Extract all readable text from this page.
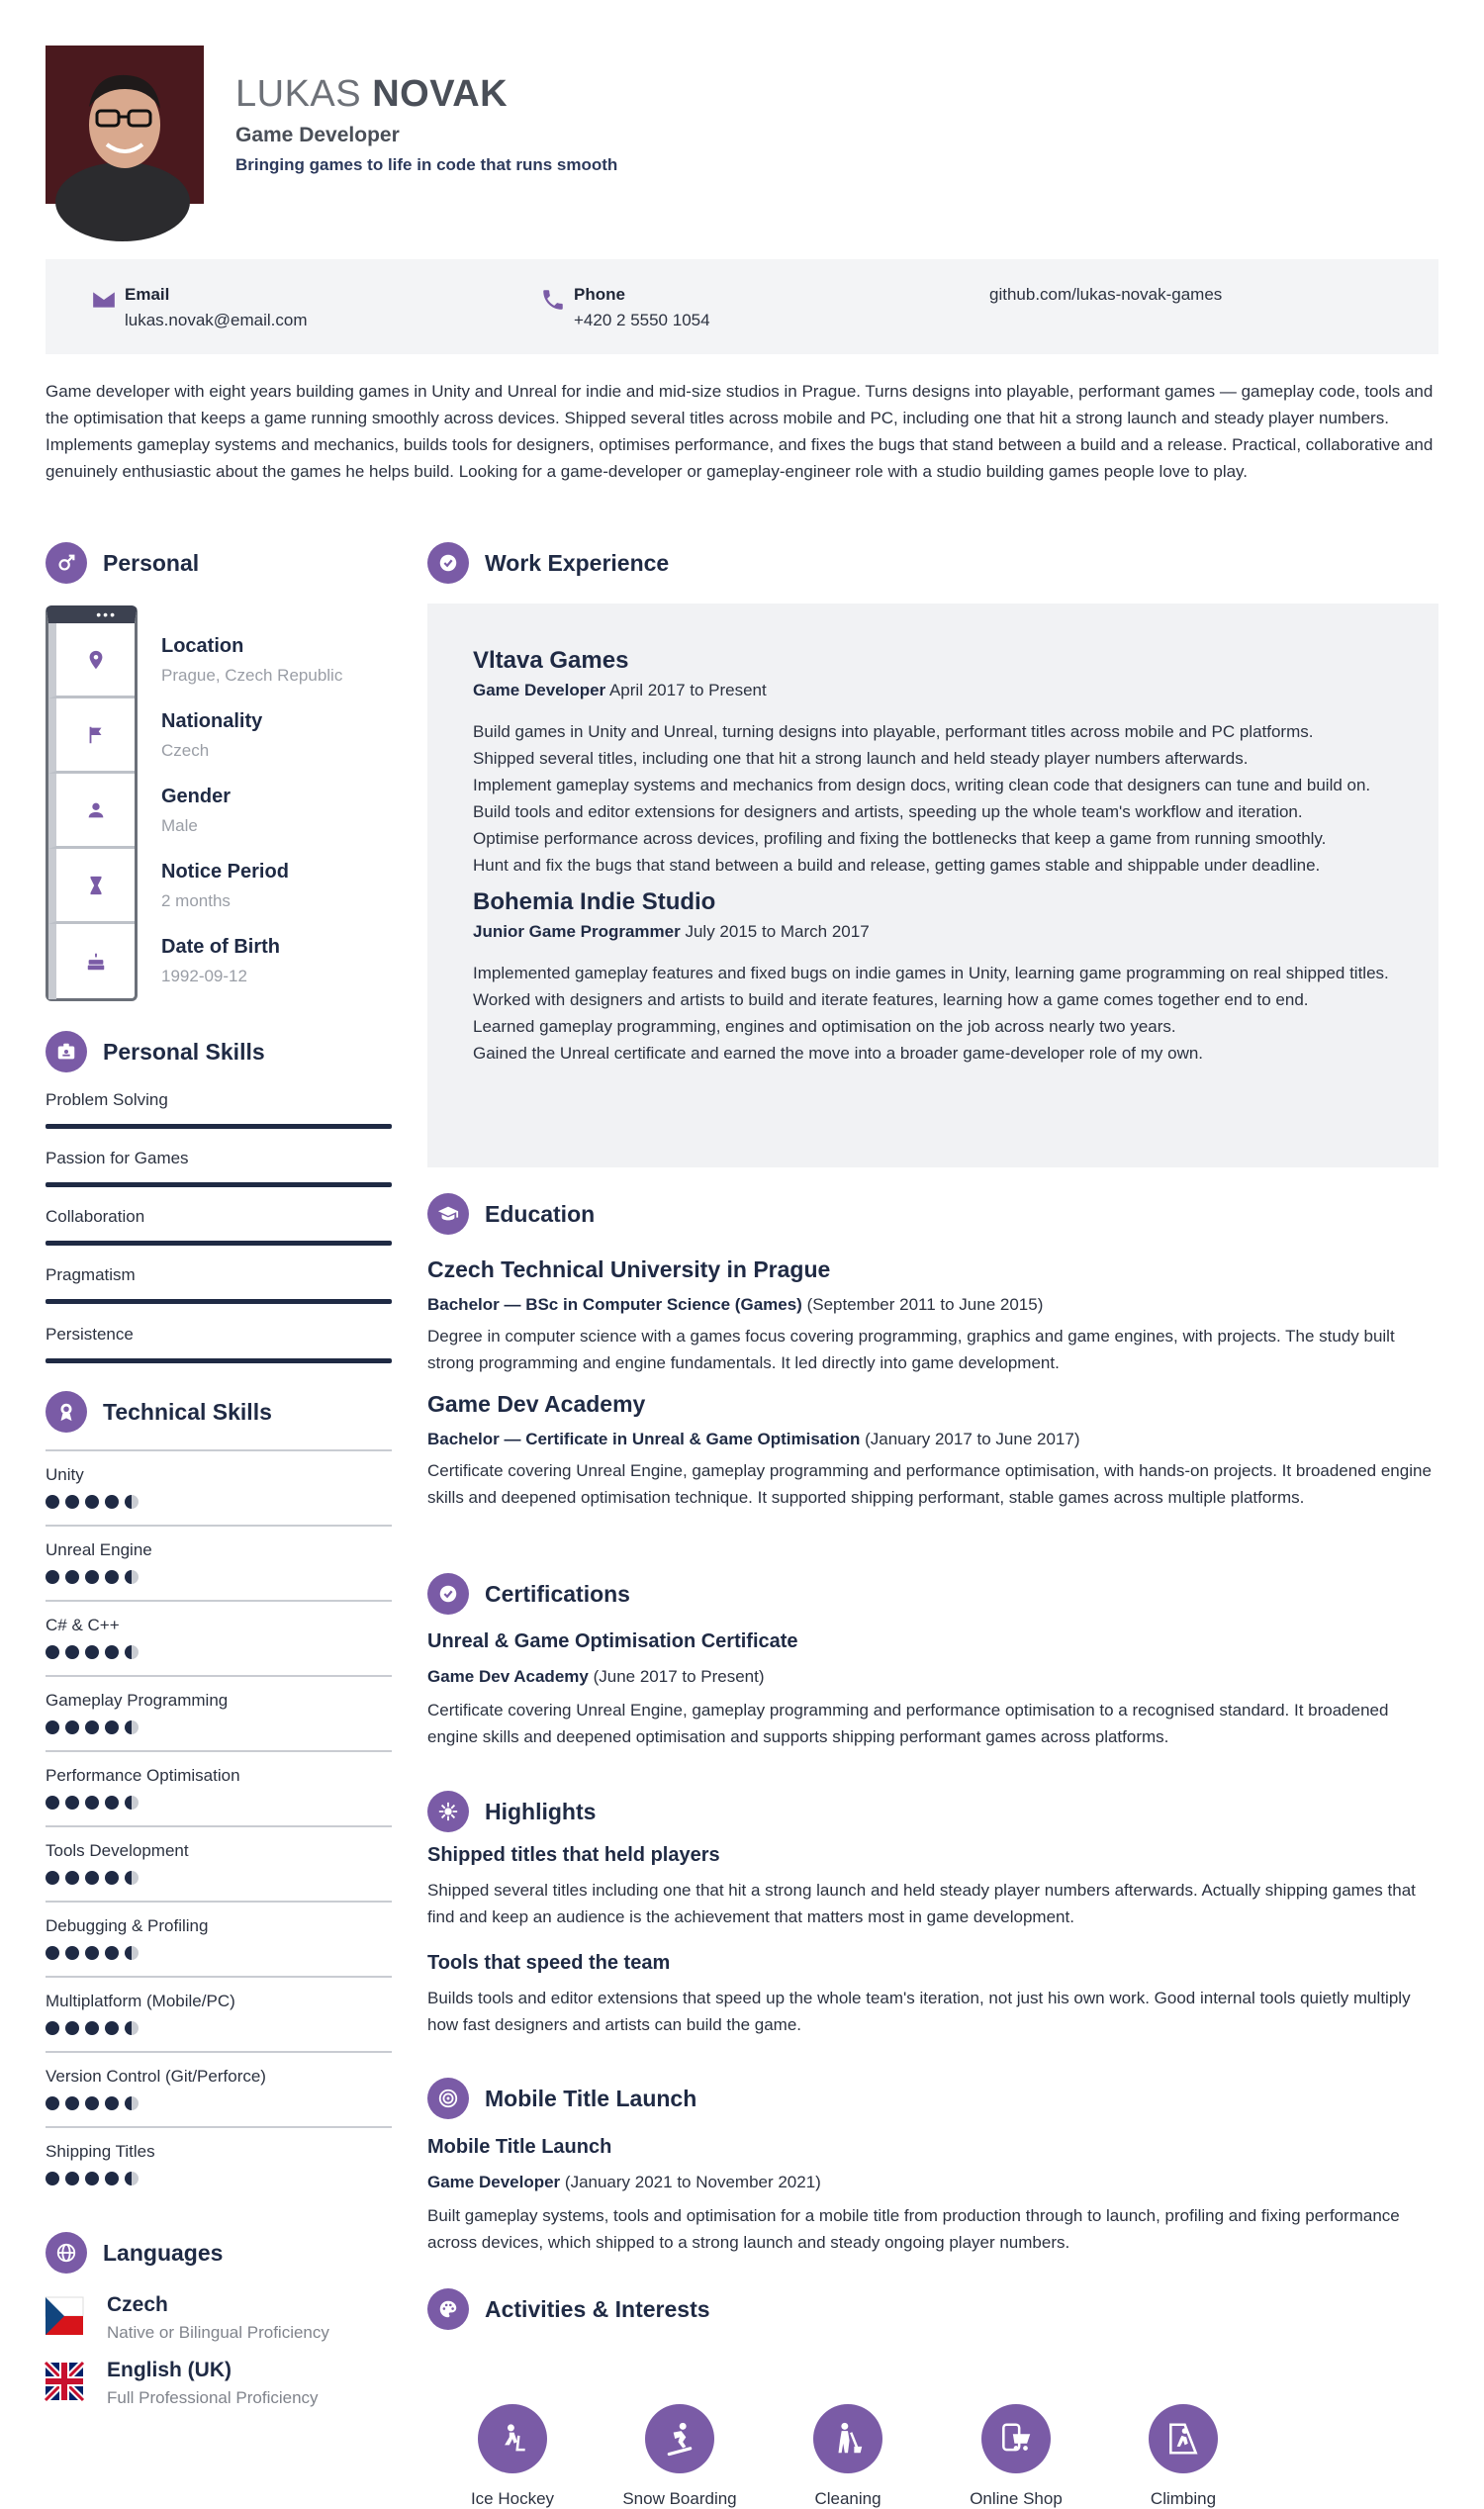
LUKAS NOVAK
Game Developer
Bringing games to life in code that runs smooth
Email
lukas.novak@email.com
Phone
+420 2 5550 1054
github.com/lukas-novak-games
Game developer with eight years building games in Unity and Unreal for indie and mid-size studios in Prague. Turns designs into playable, performant games — gameplay code, tools and the optimisation that keeps a game running smoothly across devices. Shipped several titles across mobile and PC, including one that hit a strong launch and steady player numbers. Implements gameplay systems and mechanics, builds tools for designers, optimises performance, and fixes the bugs that stand between a build and a release. Practical, collaborative and genuinely enthusiastic about the games he helps build. Looking for a game-developer or gameplay-engineer role with a studio building games people love to play.
Personal
•••
Location
Prague, Czech Republic
Nationality
Czech
Gender
Male
Notice Period
2 months
Date of Birth
1992-09-12
Personal Skills
Problem Solving
Passion for Games
Collaboration
Pragmatism
Persistence
Technical Skills
Unity
Unreal Engine
C# & C++
Gameplay Programming
Performance Optimisation
Tools Development
Debugging & Profiling
Multiplatform (Mobile/PC)
Version Control (Git/Perforce)
Shipping Titles
Languages
Czech
Native or Bilingual Proficiency
English (UK)
Full Professional Proficiency
Work Experience
Vltava Games
Game Developer April 2017 to Present
Build games in Unity and Unreal, turning designs into playable, performant titles across mobile and PC platforms.
Shipped several titles, including one that hit a strong launch and held steady player numbers afterwards.
Implement gameplay systems and mechanics from design docs, writing clean code that designers can tune and build on.
Build tools and editor extensions for designers and artists, speeding up the whole team's workflow and iteration.
Optimise performance across devices, profiling and fixing the bottlenecks that keep a game from running smoothly.
Hunt and fix the bugs that stand between a build and release, getting games stable and shippable under deadline.
Bohemia Indie Studio
Junior Game Programmer July 2015 to March 2017
Implemented gameplay features and fixed bugs on indie games in Unity, learning game programming on real shipped titles.
Worked with designers and artists to build and iterate features, learning how a game comes together end to end.
Learned gameplay programming, engines and optimisation on the job across nearly two years.
Gained the Unreal certificate and earned the move into a broader game-developer role of my own.
Education
Czech Technical University in Prague
Bachelor — BSc in Computer Science (Games) (September 2011 to June 2015)
Degree in computer science with a games focus covering programming, graphics and game engines, with projects. The study built strong programming and engine fundamentals. It led directly into game development.
Game Dev Academy
Bachelor — Certificate in Unreal & Game Optimisation (January 2017 to June 2017)
Certificate covering Unreal Engine, gameplay programming and performance optimisation, with hands-on projects. It broadened engine skills and deepened optimisation technique. It supported shipping performant, stable games across multiple platforms.
Certifications
Unreal & Game Optimisation Certificate
Game Dev Academy (June 2017 to Present)
Certificate covering Unreal Engine, gameplay programming and performance optimisation to a recognised standard. It broadened engine skills and deepened optimisation and supports shipping performant games across platforms.
Highlights
Shipped titles that held players
Shipped several titles including one that hit a strong launch and held steady player numbers afterwards. Actually shipping games that find and keep an audience is the achievement that matters most in game development.
Tools that speed the team
Builds tools and editor extensions that speed up the whole team's iteration, not just his own work. Good internal tools quietly multiply how fast designers and artists can build the game.
Mobile Title Launch
Mobile Title Launch
Game Developer (January 2021 to November 2021)
Built gameplay systems, tools and optimisation for a mobile title from production through to launch, profiling and fixing performance across devices, which shipped to a strong launch and steady ongoing player numbers.
Activities & Interests
Ice Hockey	Snow Boarding	Cleaning	Online Shop	Climbing
